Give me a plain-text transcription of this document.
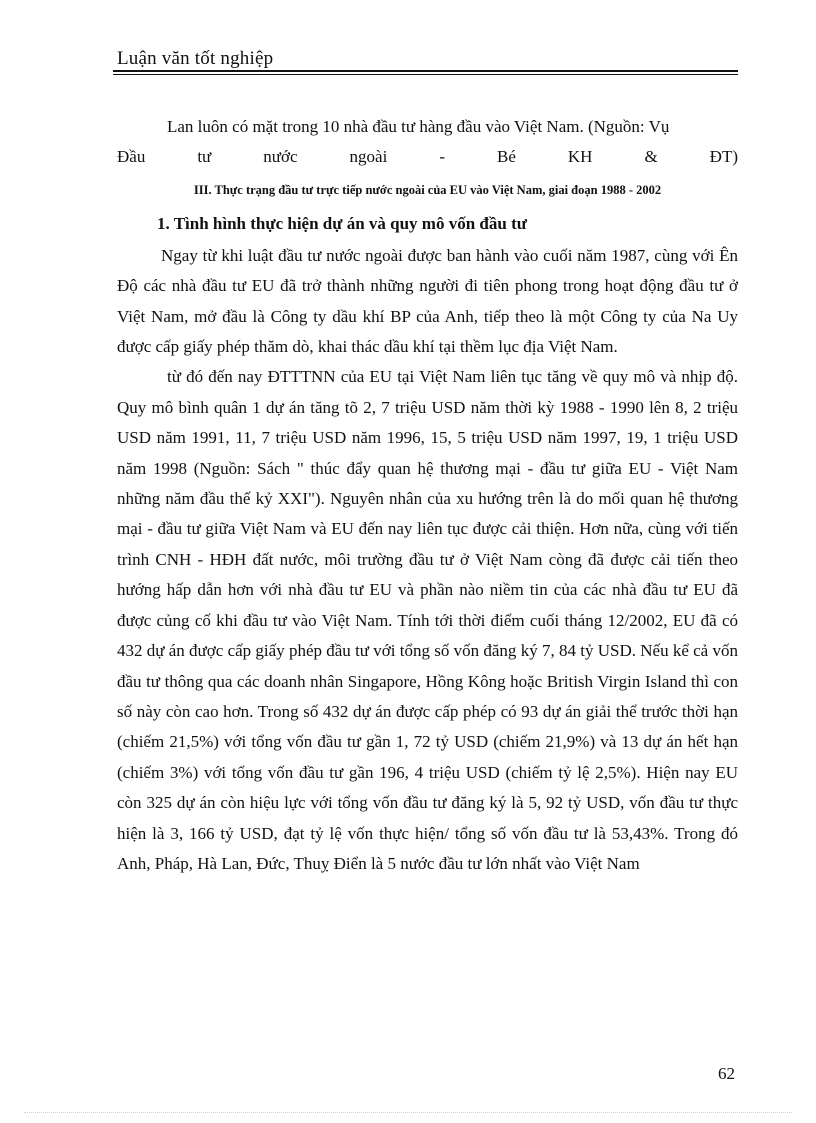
Luận văn tốt nghiệp

Lan luôn có mặt trong 10 nhà đầu tư hàng đầu vào Việt Nam. (Nguồn: Vụ

Đầu tư nước ngoài - Bé KH & ĐT)

III. Thực trạng đầu tư trực tiếp nước ngoài của EU vào Việt Nam, giai đoạn 1988 - 2002

1. Tình hình thực hiện dự án và quy mô vốn đầu tư

Ngay từ khi luật đầu tư nước ngoài được ban hành vào cuối năm 1987, cùng với Ên Độ các nhà đầu tư EU đã trở thành những người đi tiên phong trong hoạt động đầu tư ở Việt Nam, mở đầu là Công ty dầu khí BP của Anh, tiếp theo là một Công ty của Na Uy được cấp giấy phép thăm dò, khai thác dầu khí tại thềm lục địa Việt Nam.

từ đó đến nay ĐTTTNN của EU tại Việt Nam liên tục tăng về quy mô và nhịp độ. Quy mô bình quân 1 dự án tăng tõ 2, 7 triệu USD năm thời kỳ 1988 - 1990 lên 8, 2 triệu USD năm 1991, 11, 7 triệu USD năm 1996, 15, 5 triệu USD năm 1997, 19, 1 triệu USD năm 1998 (Nguồn: Sách " thúc đẩy quan hệ thương mại - đầu tư giữa EU - Việt Nam những năm đầu thế kỷ XXI"). Nguyên nhân của xu hướng trên là do mối quan hệ thương mại - đầu tư giữa Việt Nam và EU đến nay liên tục được cải thiện. Hơn nữa, cùng với tiến trình CNH - HĐH đất nước, môi trường đầu tư ở Việt Nam còng đã được cải tiến theo hướng hấp dẫn hơn với nhà đầu tư EU và phần nào niềm tin của các nhà đầu tư EU đã được củng cố khi đầu tư vào Việt Nam. Tính tới thời điểm cuối tháng 12/2002, EU đã có 432 dự án được cấp giấy phép đầu tư với tổng số vốn đăng ký 7, 84 tỷ USD. Nếu kể cả vốn đầu tư thông qua các doanh nhân Singapore, Hồng Kông hoặc British Virgin Island thì con số này còn cao hơn. Trong số 432 dự án được cấp phép có 93 dự án giải thể trước thời hạn (chiếm 21,5%) với tổng vốn đầu tư gần 1, 72 tỷ USD (chiếm 21,9%) và 13 dự án hết hạn (chiếm 3%) với tổng vốn đầu tư gần 196, 4 triệu USD (chiếm tỷ lệ 2,5%). Hiện nay EU còn 325 dự án còn hiệu lực với tổng vốn đầu tư đăng ký là 5, 92 tỷ USD, vốn đầu tư thực hiện là 3, 166 tỷ USD, đạt tỷ lệ vốn thực hiện/ tổng số vốn đầu tư là 53,43%. Trong đó Anh, Pháp, Hà Lan, Đức, Thuỵ Điển là 5 nước đầu tư lớn nhất vào Việt Nam

62
